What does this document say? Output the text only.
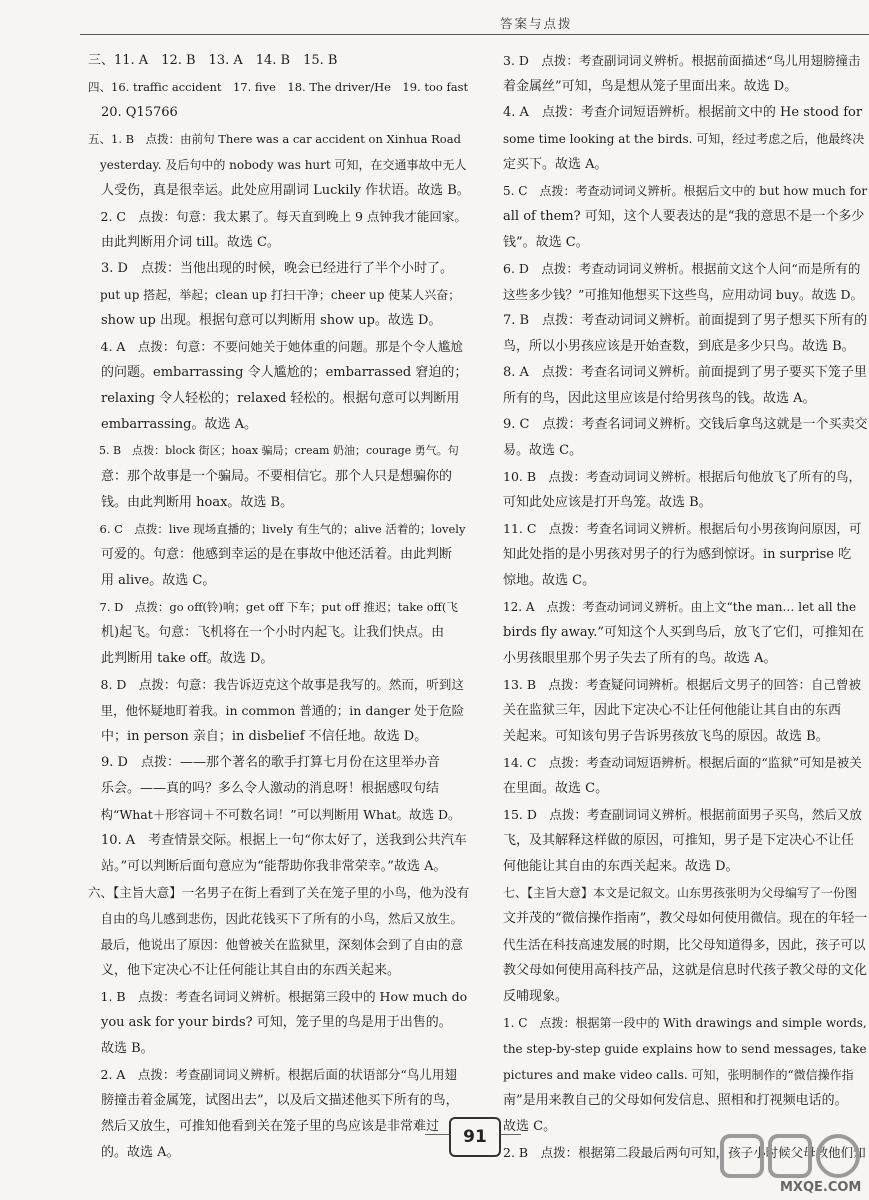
答案与点拨

三、11. A　12. B　13. A　14. B　15. B

四、16. traffic accident　17. five　18. The driver/He　19. too fast

　20. Q15766

五、1. B　点拨：由前句 There was a car accident on Xinhua Road

　yesterday. 及后句中的 nobody was hurt 可知，在交通事故中无人

　人受伤，真是很幸运。此处应用副词 Luckily 作状语。故选 B。

　2. C　点拨：句意：我太累了。每天直到晚上 9 点钟我才能回家。

　由此判断用介词 till。故选 C。

　3. D　点拨：当他出现的时候，晚会已经进行了半个小时了。

　put up 搭起，举起；clean up 打扫干净；cheer up 使某人兴奋；

　show up 出现。根据句意可以判断用 show up。故选 D。

　4. A　点拨：句意：不要问她关于她体重的问题。那是个令人尴尬

　的问题。embarrassing 令人尴尬的；embarrassed 窘迫的；

　relaxing 令人轻松的；relaxed 轻松的。根据句意可以判断用

　embarrassing。故选 A。

　5. B　点拨：block 街区；hoax 骗局；cream 奶油；courage 勇气。句

　意：那个故事是一个骗局。不要相信它。那个人只是想骗你的

　钱。由此判断用 hoax。故选 B。

　6. C　点拨：live 现场直播的；lively 有生气的；alive 活着的；lovely

　可爱的。句意：他感到幸运的是在事故中他还活着。由此判断

　用 alive。故选 C。

　7. D　点拨：go off(铃)响；get off 下车；put off 推迟；take off(飞

　机)起飞。句意：飞机将在一个小时内起飞。让我们快点。由

　此判断用 take off。故选 D。

　8. D　点拨：句意：我告诉迈克这个故事是我写的。然而，听到这

　里，他怀疑地盯着我。in common 普通的；in danger 处于危险

　中；in person 亲自；in disbelief 不信任地。故选 D。

　9. D　点拨：——那个著名的歌手打算七月份在这里举办音

　乐会。——真的吗？多么令人激动的消息呀！根据感叹句结

　构“What＋形容词＋不可数名词！”可以判断用 What。故选 D。

　10. A　考查情景交际。根据上一句“你太好了，送我到公共汽车

　站。”可以判断后面句意应为“能帮助你我非常荣幸。”故选 A。

六、【主旨大意】一名男子在街上看到了关在笼子里的小鸟，他为没有

　自由的鸟儿感到悲伤，因此花钱买下了所有的小鸟，然后又放生。

　最后，他说出了原因：他曾被关在监狱里，深刻体会到了自由的意

　义，他下定决心不让任何能让其自由的东西关起来。

　1. B　点拨：考查名词词义辨析。根据第三段中的 How much do

　you ask for your birds? 可知，笼子里的鸟是用于出售的。

　故选 B。

　2. A　点拨：考查副词词义辨析。根据后面的状语部分“鸟儿用翅

　膀撞击着金属笼，试图出去”，以及后文描述他买下所有的鸟，

　然后又放生，可推知他看到关在笼子里的鸟应该是非常难过

　的。故选 A。

3. D　点拨：考查副词词义辨析。根据前面描述“鸟儿用翅膀撞击

着金属丝”可知，鸟是想从笼子里面出来。故选 D。

4. A　点拨：考查介词短语辨析。根据前文中的 He stood for

some time looking at the birds. 可知，经过考虑之后，他最终决

定买下。故选 A。

5. C　点拨：考查动词词义辨析。根据后文中的 but how much for

all of them? 可知，这个人要表达的是“我的意思不是一个多少

钱”。故选 C。

6. D　点拨：考查动词词义辨析。根据前文这个人问“而是所有的

这些多少钱？”可推知他想买下这些鸟，应用动词 buy。故选 D。

7. B　点拨：考查动词词义辨析。前面提到了男子想买下所有的

鸟，所以小男孩应该是开始查数，到底是多少只鸟。故选 B。

8. A　点拨：考查名词词义辨析。前面提到了男子要买下笼子里

所有的鸟，因此这里应该是付给男孩鸟的钱。故选 A。

9. C　点拨：考查名词词义辨析。交钱后拿鸟这就是一个买卖交

易。故选 C。

10. B　点拨：考查动词词义辨析。根据后句他放飞了所有的鸟，

可知此处应该是打开鸟笼。故选 B。

11. C　点拨：考查名词词义辨析。根据后句小男孩询问原因，可

知此处指的是小男孩对男子的行为感到惊讶。in surprise 吃

惊地。故选 C。

12. A　点拨：考查动词词义辨析。由上文“the man… let all the

birds fly away.”可知这个人买到鸟后，放飞了它们，可推知在

小男孩眼里那个男子失去了所有的鸟。故选 A。

13. B　点拨：考查疑问词辨析。根据后文男子的回答：自己曾被

关在监狱三年，因此下定决心不让任何他能让其自由的东西

关起来。可知该句男子告诉男孩放飞鸟的原因。故选 B。

14. C　点拨：考查动词短语辨析。根据后面的“监狱”可知是被关

在里面。故选 C。

15. D　点拨：考查副词词义辨析。根据前面男子买鸟，然后又放

飞，及其解释这样做的原因，可推知，男子是下定决心不让任

何他能让其自由的东西关起来。故选 D。

七、【主旨大意】本文是记叙文。山东男孩张明为父母编写了一份图

文并茂的“微信操作指南”，教父母如何使用微信。现在的年轻一

代生活在科技高速发展的时期，比父母知道得多，因此，孩子可以

教父母如何使用高科技产品，这就是信息时代孩子教父母的文化

反哺现象。

1. C　点拨：根据第一段中的 With drawings and simple words,

the step-by-step guide explains how to send messages, take

pictures and make video calls. 可知，张明制作的“微信操作指

南”是用来教自己的父母如何发信息、照相和打视频电话的。

故选 C。

2. B　点拨：根据第二段最后两句可知，孩子小时候父母教他们知

91
MXQE.COM
